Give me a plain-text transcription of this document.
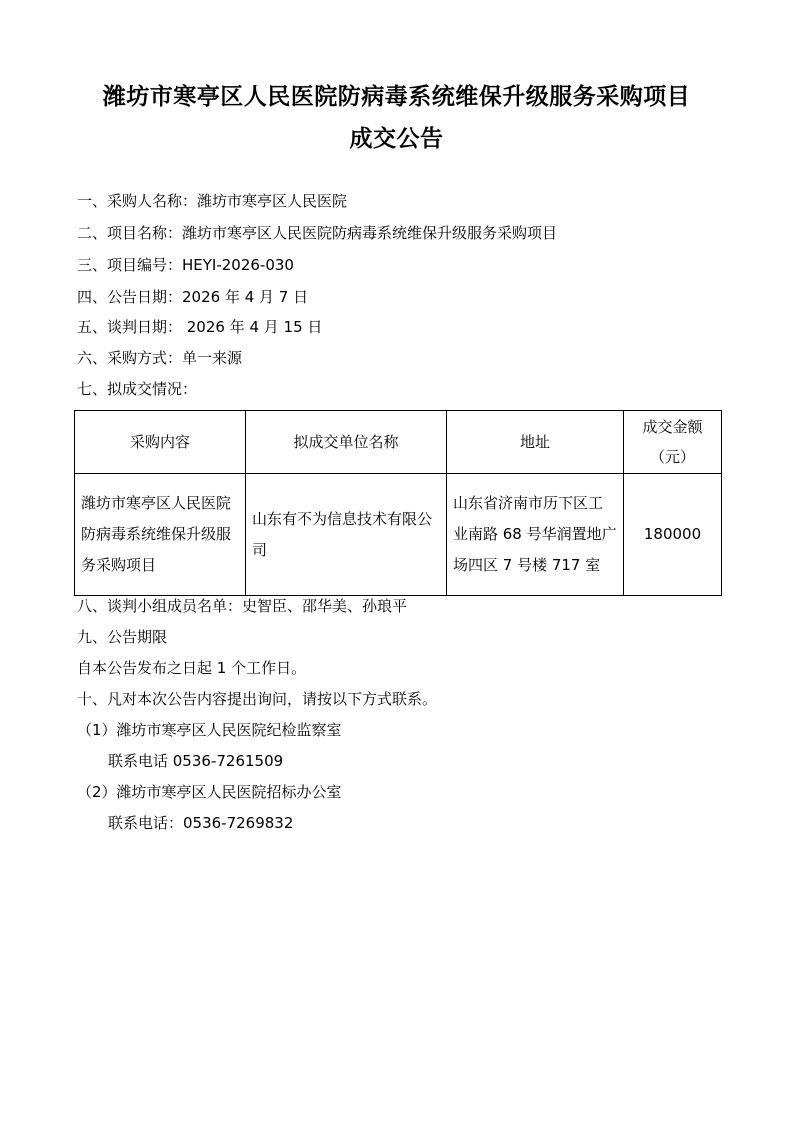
潍坊市寒亭区人民医院防病毒系统维保升级服务采购项目
成交公告
一、采购人名称：潍坊市寒亭区人民医院
二、项目名称：潍坊市寒亭区人民医院防病毒系统维保升级服务采购项目
三、项目编号：HEYI-2026-030
四、公告日期：2026 年 4 月 7 日
五、谈判日期： 2026 年 4 月 15 日
六、采购方式：单一来源
七、拟成交情况：
采购内容	拟成交单位名称	地址	成交金额（元）
潍坊市寒亭区人民医院防病毒系统维保升级服务采购项目	山东有不为信息技术有限公司	山东省济南市历下区工业南路 68 号华润置地广场四区 7 号楼 717 室	180000
八、谈判小组成员名单：史智臣、邵华美、孙琅平
九、公告期限
自本公告发布之日起 1 个工作日。
十、凡对本次公告内容提出询问，请按以下方式联系。
（1）潍坊市寒亭区人民医院纪检监察室
联系电话 0536-7261509
（2）潍坊市寒亭区人民医院招标办公室
联系电话：0536-7269832
